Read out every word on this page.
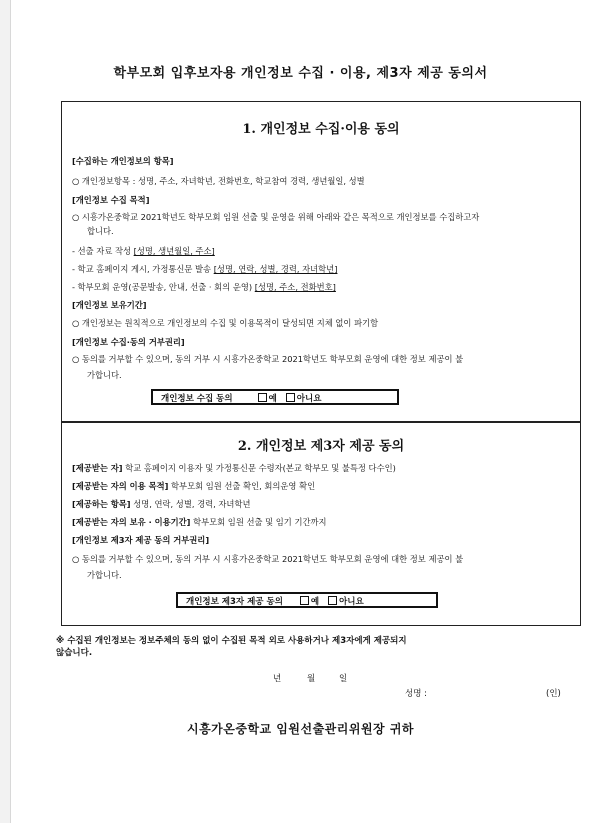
학부모회 입후보자용 개인정보 수집 · 이용, 제3자 제공 동의서
1. 개인정보 수집·이용 동의
[수집하는 개인정보의 항목]
○ 개인정보항목 : 성명, 주소, 자녀학년, 전화번호, 학교참여 경력, 생년월일, 성별
[개인정보 수집 목적]
○ 시흥가온중학교 2021학년도 학부모회 임원 선출 및 운영을 위해 아래와 같은 목적으로 개인정보를 수집하고자
합니다.
- 선출 자료 작성 [성명, 생년월일, 주소]
- 학교 홈페이지 게시, 가정통신문 발송 [성명, 연락, 성별, 경력, 자녀학년]
- 학부모회 운영(공문발송, 안내, 선출 · 회의 운영) [성명, 주소, 전화번호]
[개인정보 보유기간]
○ 개인정보는 원칙적으로 개인정보의 수집 및 이용목적이 달성되면 지체 없이 파기함
[개인정보 수집·동의 거부권리]
○ 동의를 거부할 수 있으며, 동의 거부 시 시흥가온중학교 2021학년도 학부모회 운영에 대한 정보 제공이 불
가합니다.
개인정보 수집 동의	예 아니요
2. 개인정보 제3자 제공 동의
[제공받는 자] 학교 홈페이지 이용자 및 가정통신문 수령자(본교 학부모 및 불특정 다수인)
[제공받는 자의 이용 목적] 학부모회 임원 선출 확인, 회의운영 확인
[제공하는 항목] 성명, 연락, 성별, 경력, 자녀학년
[제공받는 자의 보유 · 이용기간] 학부모회 임원 선출 및 임기 기간까지
[개인정보 제3자 제공 동의 거부권리]
○ 동의를 거부할 수 있으며, 동의 거부 시 시흥가온중학교 2021학년도 학부모회 운영에 대한 정보 제공이 불
가합니다.
개인정보 제3자 제공 동의	예 아니요
※ 수집된 개인정보는 정보주체의 동의 없이 수집된 목적 외로 사용하거나 제3자에게 제공되지
않습니다.
년	월	일
성명 :	(인)
시흥가온중학교 임원선출관리위원장 귀하
